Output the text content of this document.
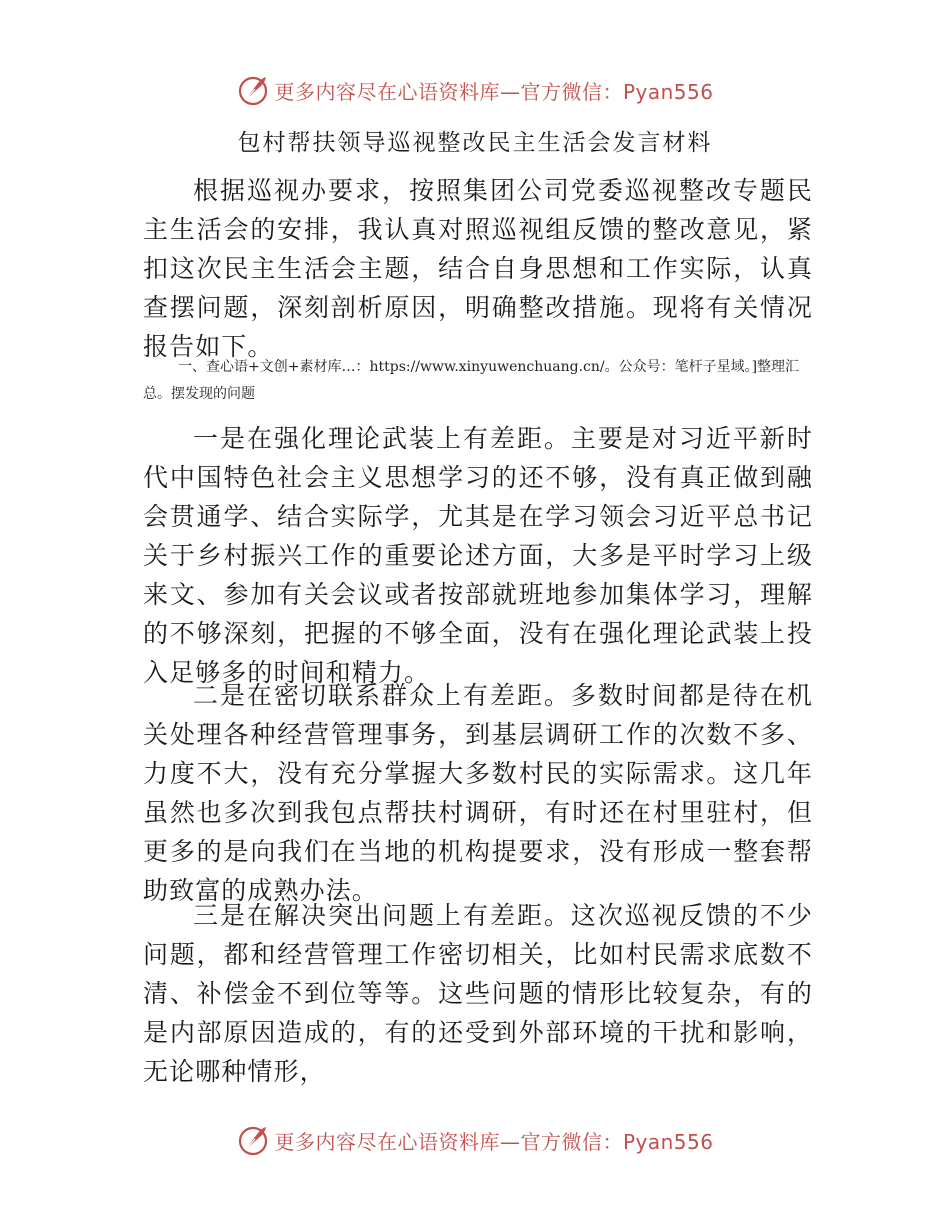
更多内容尽在心语资料库—官方微信：Pyan556
包村帮扶领导巡视整改民主生活会发言材料

根据巡视办要求，按照集团公司党委巡视整改专题民主生活会的安排，我认真对照巡视组反馈的整改意见，紧扣这次民主生活会主题，结合自身思想和工作实际，认真查摆问题，深刻剖析原因，明确整改措施。现将有关情况报告如下。

一、查心语+文创+素材库…：https://www.xinyuwenchuang.cn/。公众号：笔杆子星域。]整理汇总。摆发现的问题

一是在强化理论武装上有差距。主要是对习近平新时代中国特色社会主义思想学习的还不够，没有真正做到融会贯通学、结合实际学，尤其是在学习领会习近平总书记关于乡村振兴工作的重要论述方面，大多是平时学习上级来文、参加有关会议或者按部就班地参加集体学习，理解的不够深刻，把握的不够全面，没有在强化理论武装上投入足够多的时间和精力。

二是在密切联系群众上有差距。多数时间都是待在机关处理各种经营管理事务，到基层调研工作的次数不多、力度不大，没有充分掌握大多数村民的实际需求。这几年虽然也多次到我包点帮扶村调研，有时还在村里驻村，但更多的是向我们在当地的机构提要求，没有形成一整套帮助致富的成熟办法。

三是在解决突出问题上有差距。这次巡视反馈的不少问题，都和经营管理工作密切相关，比如村民需求底数不清、补偿金不到位等等。这些问题的情形比较复杂，有的是内部原因造成的，有的还受到外部环境的干扰和影响，无论哪种情形，

更多内容尽在心语资料库—官方微信：Pyan556
